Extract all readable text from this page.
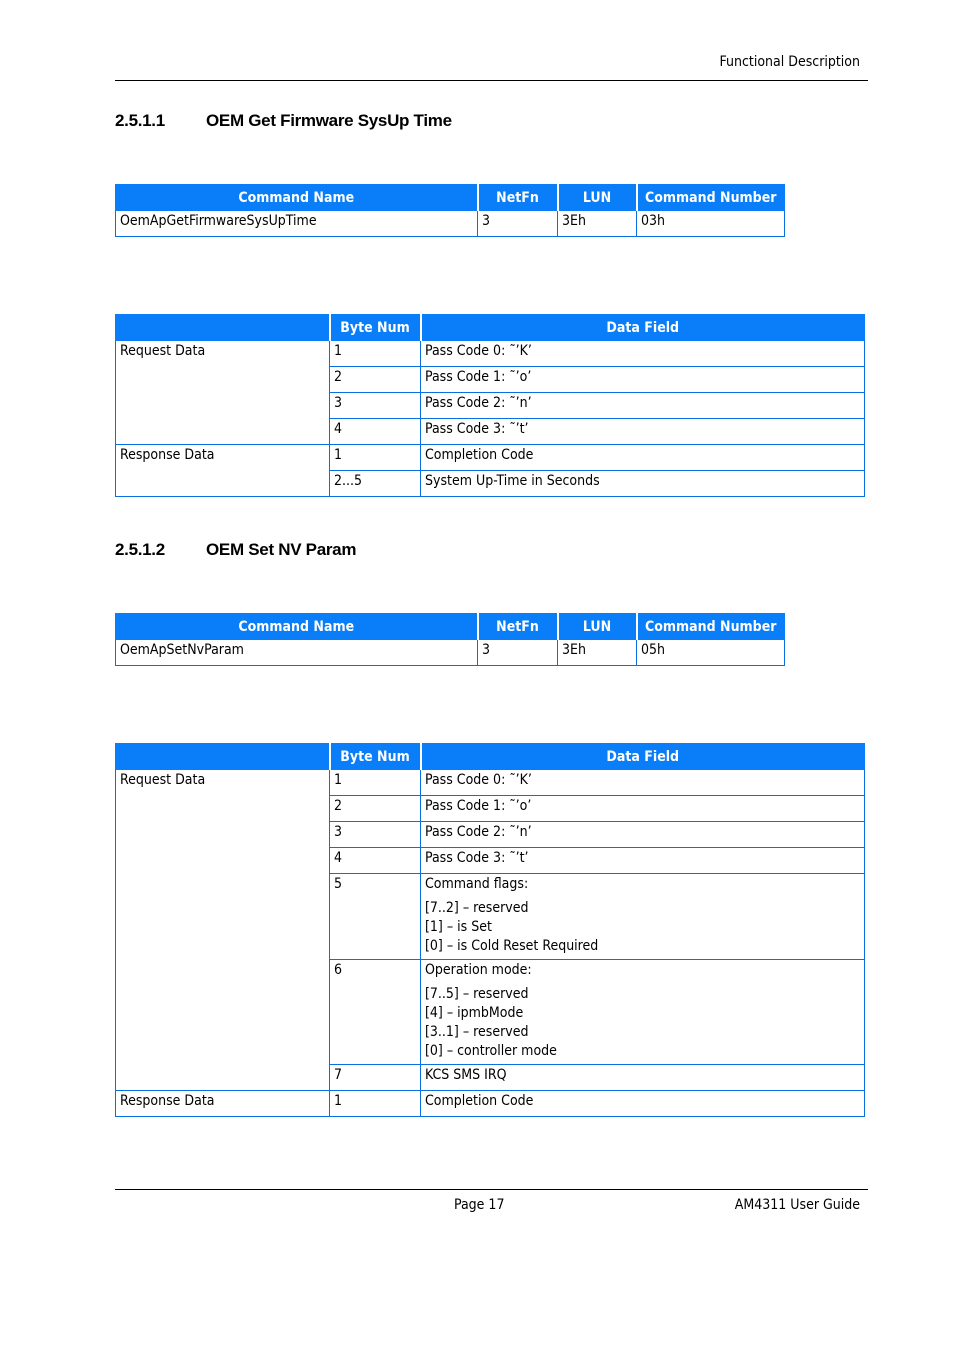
Functional Description
2.5.1.1 OEM Get Firmware SysUp Time
Command Name	NetFn	LUN	Command Number
OemApGetFirmwareSysUpTime	3	3Eh	03h
	Byte Num	Data Field
Request Data	1	Pass Code 0: ˜’K’
	2	Pass Code 1: ˜’o’
	3	Pass Code 2: ˜’n’
	4	Pass Code 3: ˜’t’
Response Data	1	Completion Code
	2...5	System Up-Time in Seconds
2.5.1.2 OEM Set NV Param
Command Name	NetFn	LUN	Command Number
OemApSetNvParam	3	3Eh	05h
	Byte Num	Data Field
Request Data	1	Pass Code 0: ˜’K’
	2	Pass Code 1: ˜’o’
	3	Pass Code 2: ˜’n’
	4	Pass Code 3: ˜’t’
	5	Command flags:
[7..2] – reserved
[1] – is Set
[0] – is Cold Reset Required

	6	Operation mode:
[7..5] – reserved
[4] – ipmbMode
[3..1] – reserved
[0] – controller mode

	7	KCS SMS IRQ
Response Data	1	Completion Code
Page 17	AM4311 User Guide
